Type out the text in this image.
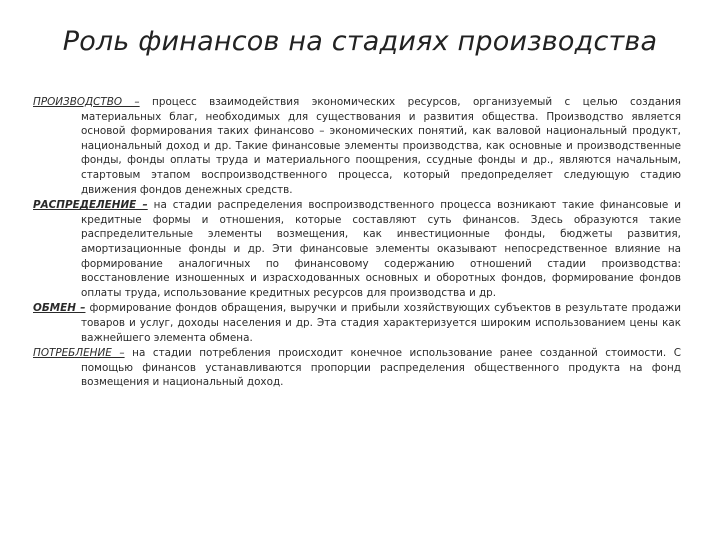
Роль финансов на стадиях производства

ПРОИЗВОДСТВО – процесс взаимодействия экономических ресурсов, организуемый с целью создания материальных благ, необходимых для существования и развития общества. Производство является основой формирования таких финансово – экономических понятий, как валовой национальный продукт, национальный доход и др. Такие финансовые элементы производства, как основные и производственные фонды, фонды оплаты труда и материального поощрения, ссудные фонды и др., являются начальным, стартовым этапом воспроизводственного процесса, который предопределяет следующую стадию движения фондов денежных средств.

РАСПРЕДЕЛЕНИЕ – на стадии распределения воспроизводственного процесса возникают такие финансовые и кредитные формы и отношения, которые составляют суть финансов. Здесь образуются такие распределительные элементы возмещения, как инвестиционные фонды, бюджеты развития, амортизационные фонды и др. Эти финансовые элементы оказывают непосредственное влияние на формирование аналогичных по финансовому содержанию отношений стадии производства: восстановление изношенных и израсходованных основных и оборотных фондов, формирование фондов оплаты труда, использование кредитных ресурсов для производства и др.

ОБМЕН – формирование фондов обращения, выручки и прибыли хозяйствующих субъектов в результате продажи товаров и услуг, доходы населения и др. Эта стадия характеризуется широким использованием цены как важнейшего элемента обмена.

ПОТРЕБЛЕНИЕ – на стадии потребления происходит конечное использование ранее созданной стоимости. С помощью финансов устанавливаются пропорции распределения общественного продукта на фонд возмещения и национальный доход.
